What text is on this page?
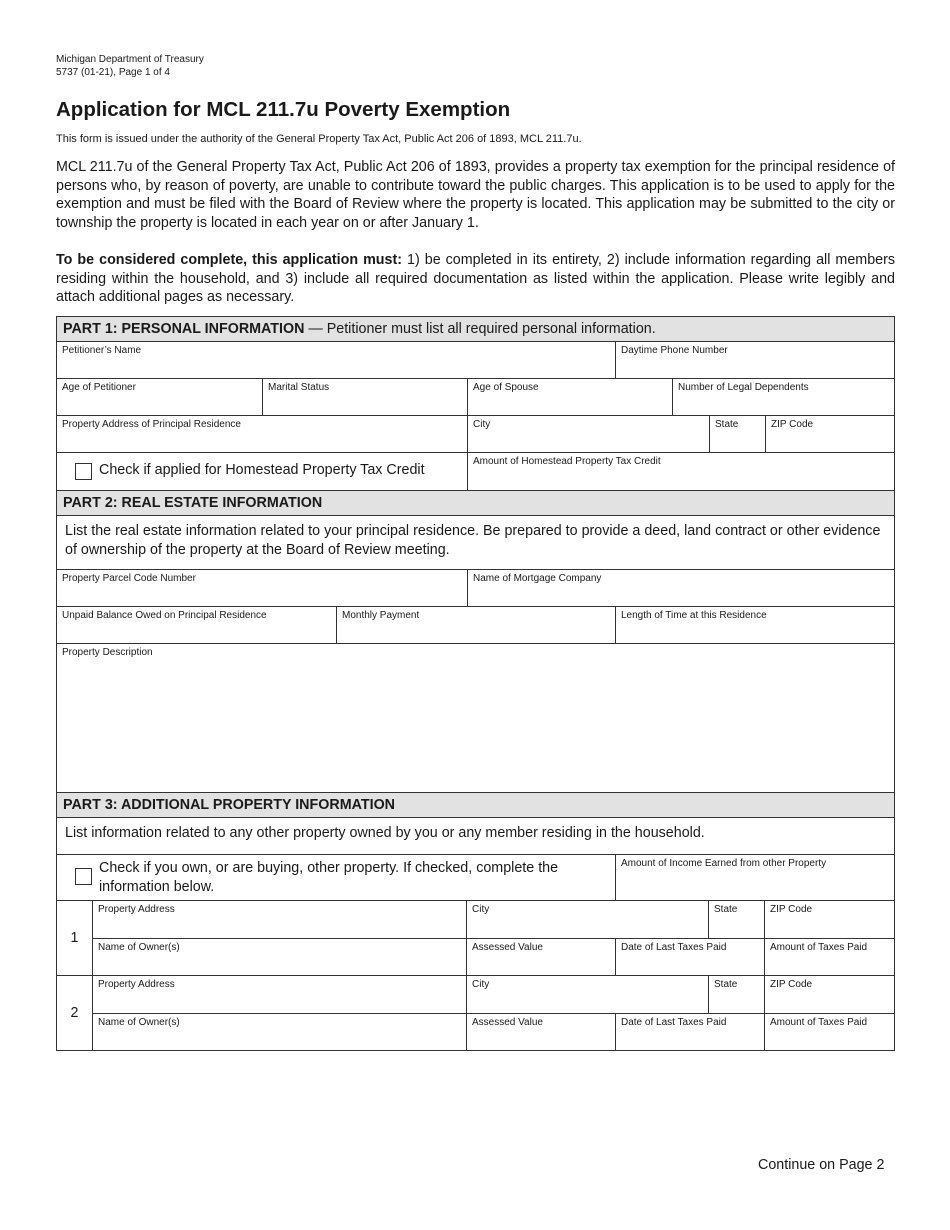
Michigan Department of Treasury
5737 (01-21), Page 1 of 4
Application for MCL 211.7u Poverty Exemption
This form is issued under the authority of the General Property Tax Act, Public Act 206 of 1893, MCL 211.7u.
MCL 211.7u of the General Property Tax Act, Public Act 206 of 1893, provides a property tax exemption for the principal residence of persons who, by reason of poverty, are unable to contribute toward the public charges. This application is to be used to apply for the exemption and must be filed with the Board of Review where the property is located. This application may be submitted to the city or township the property is located in each year on or after January 1.
To be considered complete, this application must: 1) be completed in its entirety, 2) include information regarding all members residing within the household, and 3) include all required documentation as listed within the application. Please write legibly and attach additional pages as necessary.
PART 1: PERSONAL INFORMATION — Petitioner must list all required personal information.
Petitioner’s Name	Daytime Phone Number
Age of Petitioner	Marital Status	Age of Spouse	Number of Legal Dependents
Property Address of Principal Residence	City	State	ZIP Code
Check if applied for Homestead Property Tax Credit
Amount of Homestead Property Tax Credit
PART 2: REAL ESTATE INFORMATION
List the real estate information related to your principal residence. Be prepared to provide a deed, land contract or other evidence of ownership of the property at the Board of Review meeting.
Property Parcel Code Number	Name of Mortgage Company
Unpaid Balance Owed on Principal Residence	Monthly Payment	Length of Time at this Residence
Property Description
PART 3: ADDITIONAL PROPERTY INFORMATION
List information related to any other property owned by you or any member residing in the household.
Check if you own, or are buying, other property. If checked, complete the information below.
Amount of Income Earned from other Property
1
Property Address	City	State	ZIP Code
Name of Owner(s)	Assessed Value	Date of Last Taxes Paid	Amount of Taxes Paid
2
Property Address	City	State	ZIP Code
Name of Owner(s)	Assessed Value	Date of Last Taxes Paid	Amount of Taxes Paid
Continue on Page 2
